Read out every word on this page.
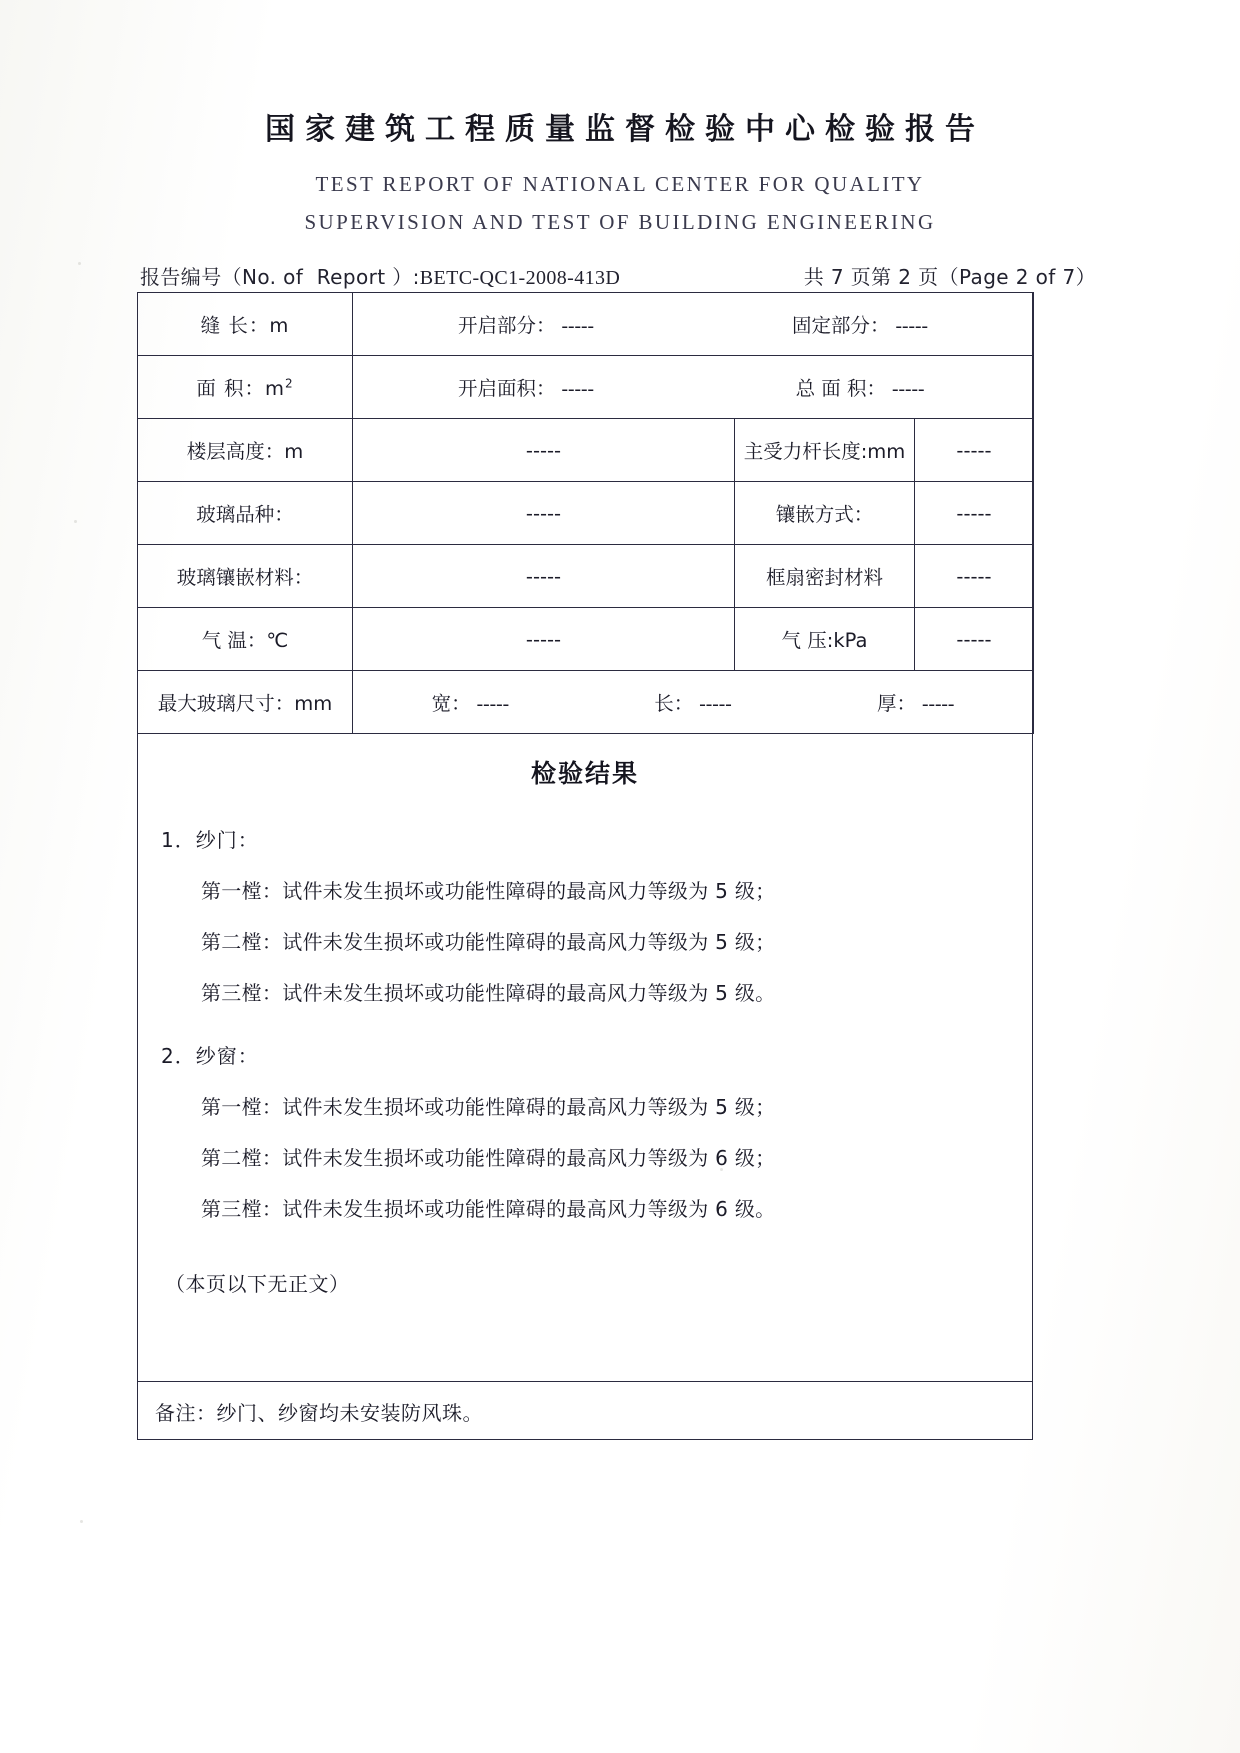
国家建筑工程质量监督检验中心检验报告
TEST REPORT OF NATIONAL CENTER FOR QUALITY
SUPERVISION AND TEST OF BUILDING ENGINEERING
报告编号（No. of  Report ）:BETC-QC1-2008-413D	共 7 页第 2 页（Page 2 of 7）
缝 长：m	开启部分： ----- 固定部分： -----		

面 积：$m^2$	开启面积： ----- 总 面 积： -----		

楼层高度：m	-----	主受力杆长度:mm	-----
玻璃品种：	-----	镶嵌方式：	-----
玻璃镶嵌材料：	-----	框扇密封材料	-----
气 温：℃	-----	气 压:kPa	-----
最大玻璃尺寸：mm	宽： -----	长： -----	厚： -----
检验结果
1．纱门：
第一樘：试件未发生损坏或功能性障碍的最高风力等级为 5 级；
第二樘：试件未发生损坏或功能性障碍的最高风力等级为 5 级；
第三樘：试件未发生损坏或功能性障碍的最高风力等级为 5 级。
2．纱窗：
第一樘：试件未发生损坏或功能性障碍的最高风力等级为 5 级；
第二樘：试件未发生损坏或功能性障碍的最高风力等级为 6 级；
第三樘：试件未发生损坏或功能性障碍的最高风力等级为 6 级。
（本页以下无正文）
备注：纱门、纱窗均未安装防风珠。
